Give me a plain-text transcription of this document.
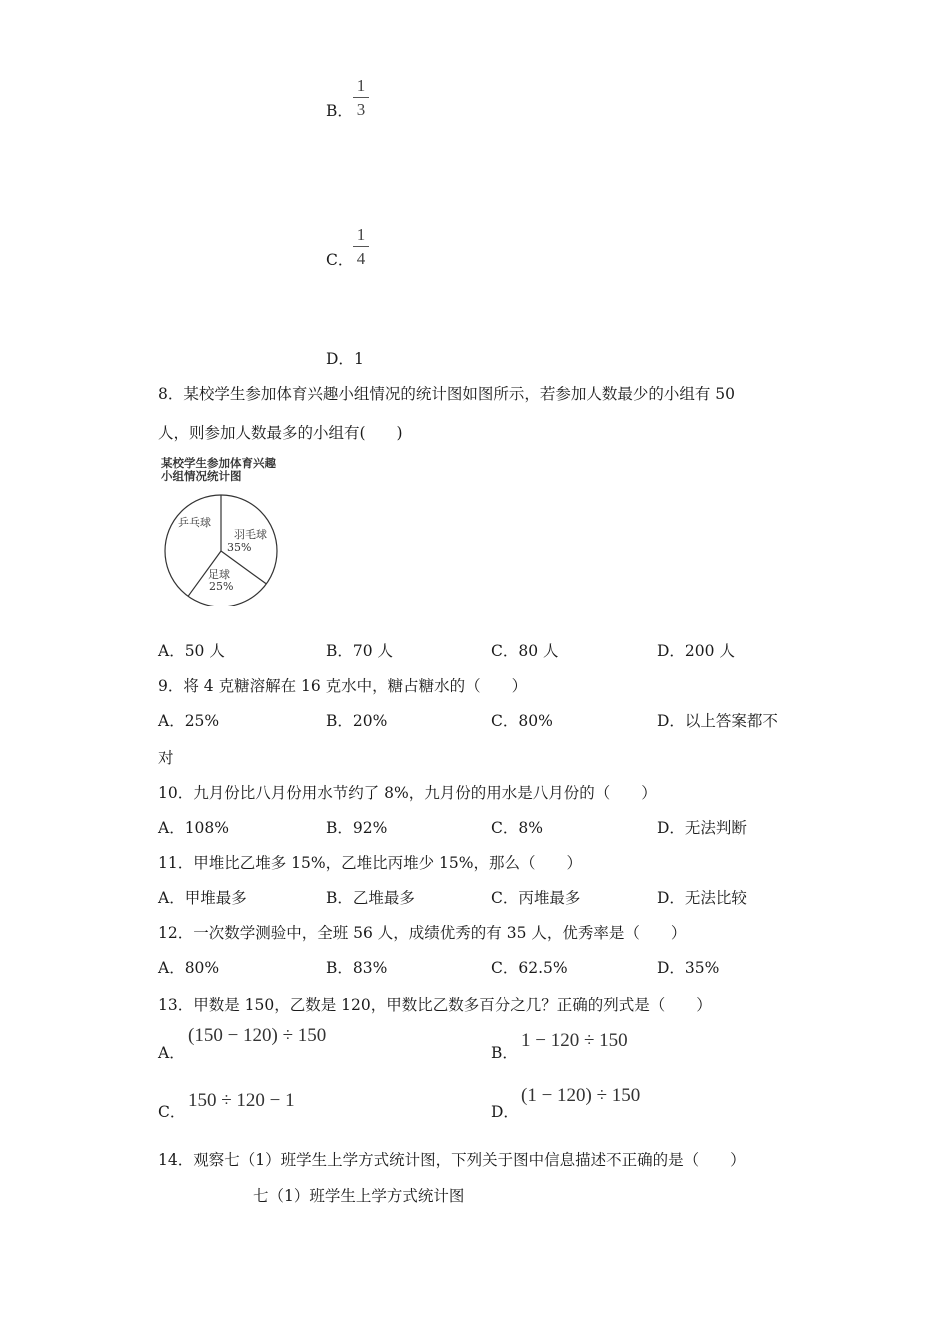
B．
1
3
C．
1
4
D．1
8．某校学生参加体育兴趣小组情况的统计图如图所示，若参加人数最少的小组有 50
人，则参加人数最多的小组有(　　)
某校学生参加体育兴趣
小组情况统计图
羽毛球
35%
足球
25%
乒乓球
A．50 人	B．70 人	C．80 人	D．200 人
9．将 4 克糖溶解在 16 克水中，糖占糖水的（　　）
A．25%	B．20%	C．80%	D．以上答案都不
对
10．九月份比八月份用水节约了 8%，九月份的用水是八月份的（　　）
A．108%	B．92%	C．8%	D．无法判断
11．甲堆比乙堆多 15%，乙堆比丙堆少 15%，那么（　　）
A．甲堆最多	B．乙堆最多	C．丙堆最多	D．无法比较
12．一次数学测验中，全班 56 人，成绩优秀的有 35 人，优秀率是（　　）
A．80%	B．83%	C．62.5%	D．35%
13．甲数是 150，乙数是 120，甲数比乙数多百分之几？正确的列式是（　　）
A．
(150 − 120) ÷ 150
B．
1 − 120 ÷ 150
C．
150 ÷ 120 − 1
D．
(1 − 120) ÷ 150
14．观察七（1）班学生上学方式统计图，下列关于图中信息描述不正确的是（　　）
七（1）班学生上学方式统计图
